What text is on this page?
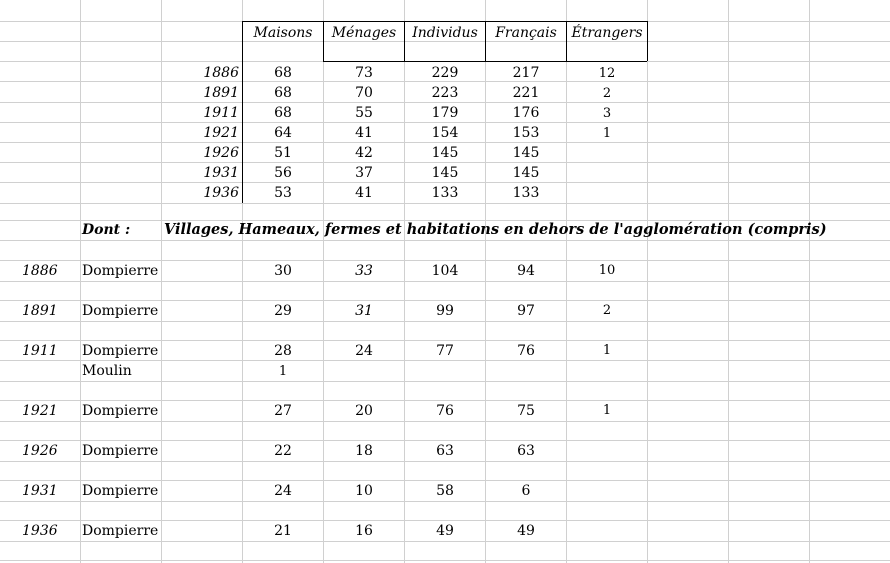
Maisons Ménages Individus Français Étrangers
1886	68	73	229	217	12
1891	68	70	223	221	2
1911	68	55	179	176	3
1921	64	41	154	153	1
1926	51	42	145	145
1931	56	37	145	145
1936	53	41	133	133
Dont : Villages, Hameaux, fermes et habitations en dehors de l'agglomération (compris)
1886 Dompierre	30	33	104	94	10
1891 Dompierre	29	31	99	97	2
1911 Dompierre	28	24	77	76	1
Moulin	1
1921 Dompierre	27	20	76	75	1
1926 Dompierre	22	18	63	63
1931 Dompierre	24	10	58	6
1936 Dompierre	21	16	49	49
